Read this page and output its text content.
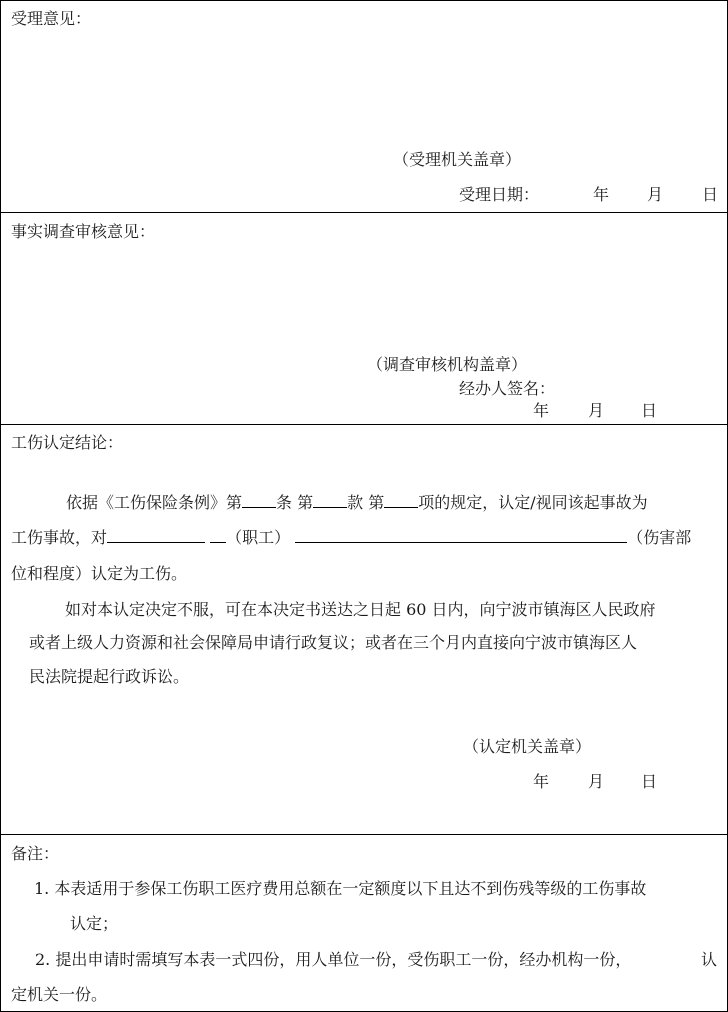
受理意见：
（受理机关盖章）
受理日期：	年 月 日
事实调查审核意见：
（调查审核机构盖章）
经办人签名：
年 月 日
工伤认定结论：
依据《工伤保险条例》第 条 第 款 第 项的规定，认定/视同该起事故为
工伤事故，对	（职工）	（伤害部
位和程度）认定为工伤。
如对本认定决定不服，可在本决定书送达之日起 60 日内，向宁波市镇海区人民政府
或者上级人力资源和社会保障局申请行政复议；或者在三个月内直接向宁波市镇海区人
民法院提起行政诉讼。
（认定机关盖章）
年 月 日
备注：
1. 本表适用于参保工伤职工医疗费用总额在一定额度以下且达不到伤残等级的工伤事故
认定；
2. 提出申请时需填写本表一式四份，用人单位一份，受伤职工一份，经办机构一份，	认
定机关一份。
